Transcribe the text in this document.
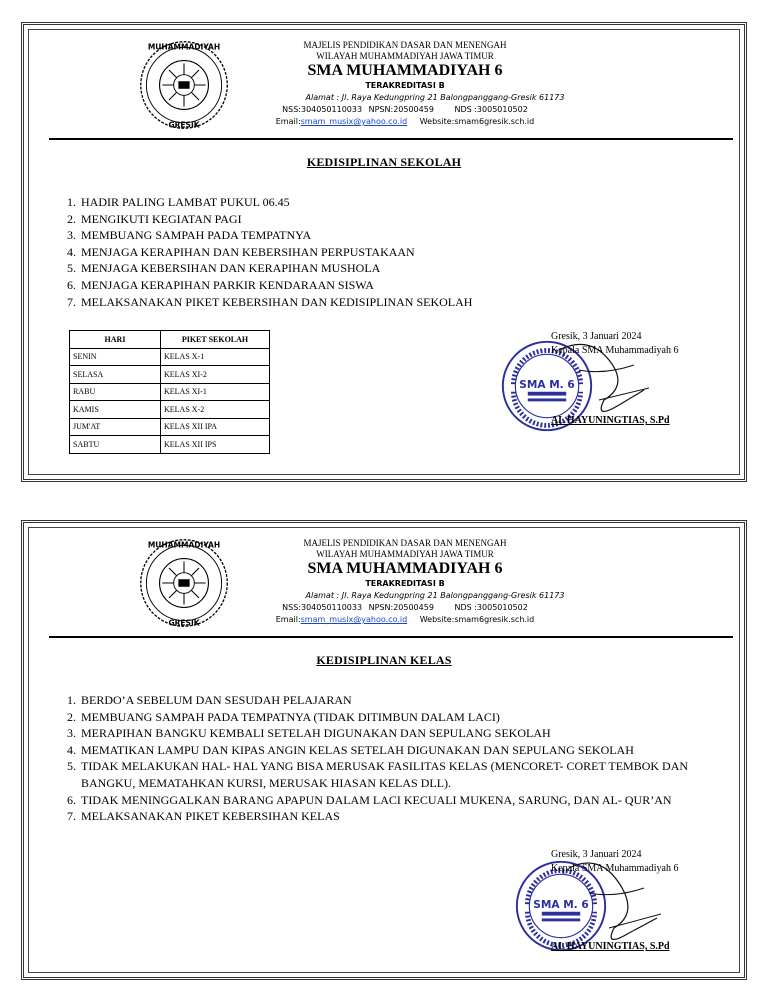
MUHAMMADIYAH
GRESIK
MAJELIS PENDIDIKAN DASAR DAN MENENGAH
WILAYAH MUHAMMADIYAH JAWA TIMUR
SMA MUHAMMADIYAH 6
TERAKREDITASI B
Alamat : Jl. Raya Kedungpring 21 Balongpanggang-Gresik 61173
NSS:304050110033 NPSN:20500459	NDS :3005010502
Email:smam_musix@yahoo.co.id Website:smam6gresik.sch.id
KEDISIPLINAN SEKOLAH
1. HADIR PALING LAMBAT PUKUL 06.45
2. MENGIKUTI KEGIATAN PAGI
3. MEMBUANG SAMPAH PADA TEMPATNYA
4. MENJAGA KERAPIHAN DAN KEBERSIHAN PERPUSTAKAAN
5. MENJAGA KEBERSIHAN DAN KERAPIHAN MUSHOLA
6. MENJAGA KERAPIHAN PARKIR KENDARAAN SISWA
7. MELAKSANAKAN PIKET KEBERSIHAN DAN KEDISIPLINAN SEKOLAH
HARI	PIKET SEKOLAH
SENIN	KELAS X-1
SELASA	KELAS XI-2
RABU	KELAS XI-1
KAMIS	KELAS X-2
JUM'AT	KELAS XII IPA
SABTU	KELAS XII IPS
SMA M. 6
Gresik, 3 Januari 2024
Kepala SMA Muhammadiyah 6
AL HAYUNINGTIAS, S.Pd
MUHAMMADIYAH
GRESIK
MAJELIS PENDIDIKAN DASAR DAN MENENGAH
WILAYAH MUHAMMADIYAH JAWA TIMUR
SMA MUHAMMADIYAH 6
TERAKREDITASI B
Alamat : Jl. Raya Kedungpring 21 Balongpanggang-Gresik 61173
NSS:304050110033 NPSN:20500459	NDS :3005010502
Email:smam_musix@yahoo.co.id Website:smam6gresik.sch.id
KEDISIPLINAN KELAS
1. BERDO’A SEBELUM DAN SESUDAH PELAJARAN
2. MEMBUANG SAMPAH PADA TEMPATNYA (TIDAK DITIMBUN DALAM LACI)
3. MERAPIHAN BANGKU KEMBALI SETELAH DIGUNAKAN DAN SEPULANG SEKOLAH
4. MEMATIKAN LAMPU DAN KIPAS ANGIN KELAS SETELAH DIGUNAKAN DAN SEPULANG SEKOLAH
5. TIDAK MELAKUKAN HAL- HAL YANG BISA MERUSAK FASILITAS KELAS (MENCORET- CORET TEMBOK DAN BANGKU, MEMATAHKAN KURSI, MERUSAK HIASAN KELAS DLL).
6. TIDAK MENINGGALKAN BARANG APAPUN DALAM LACI KECUALI MUKENA, SARUNG, DAN AL- QUR’AN
7. MELAKSANAKAN PIKET KEBERSIHAN KELAS
SMA M. 6
Gresik, 3 Januari 2024
Kepala SMA Muhammadiyah 6
AL HAYUNINGTIAS, S.Pd
